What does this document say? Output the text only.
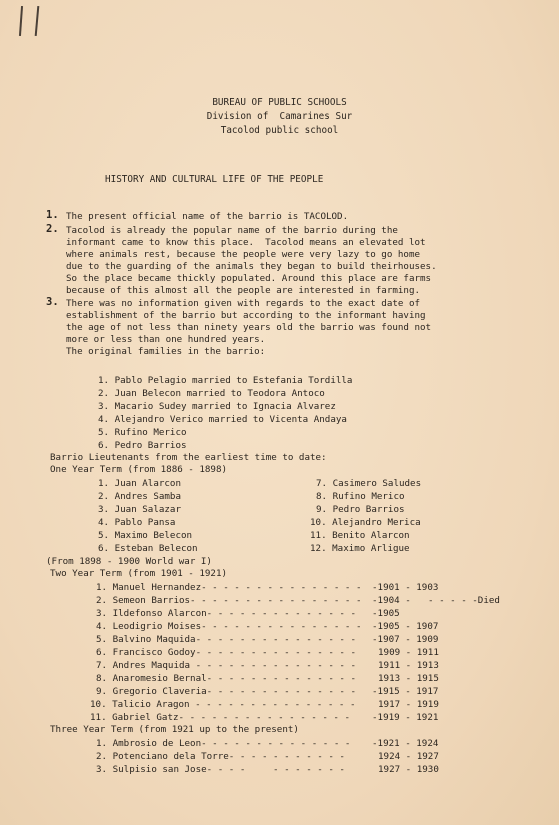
BUREAU OF PUBLIC SCHOOLS
Division of  Camarines Sur
Tacolod public school
HISTORY AND CULTURAL LIFE OF THE PEOPLE
1. The present official name of the barrio is TACOLOD.
2. Tacolod is already the popular name of the barrio during the
informant came to know this place.  Tacolod means an elevated lot
where animals rest, because the people were very lazy to go home
due to the guarding of the animals they began to build theirhouses.
So the place became thickly populated. Around this place are farms
because of this almost all the people are interested in farming.
3. There was no information given with regards to the exact date of
establishment of the barrio but according to the informant having
the age of not less than ninety years old the barrio was found not
more or less than one hundred years.
The original families in the barrio:
1. Pablo Pelagio married to Estefania Tordilla
2. Juan Belecon married to Teodora Antoco
3. Macario Sudey married to Ignacia Alvarez
4. Alejandro Verico married to Vicenta Andaya
5. Rufino Merico
6. Pedro Barrios
Barrio Lieutenants from the earliest time to date:
One Year Term (from 1886 - 1898)
1. Juan Alarcon
2. Andres Samba
3. Juan Salazar
4. Pablo Pansa
5. Maximo Belecon
6. Esteban Belecon
7. Casimero Saludes
8. Rufino Merico
9. Pedro Barrios
10. Alejandro Merica
11. Benito Alarcon
12. Maximo Arligue
(From 1898 - 1900 World war I)
Two Year Term (from 1901 - 1921)
1. Manuel Hernandez- - - - - - - - - - - - - - - -1901 - 1903
2. Semeon Barrios- - - - - - - - - - - - - - - - -1904 - - - - - -Died
3. Ildefonso Alarcon- - - - - - - - - - - - - - -1905
4. Leodigrio Moises- - - - - - - - - - - - - - - -1905 - 1907
5. Balvino Maquida- - - - - - - - - - - - - - - -1907 - 1909
6. Francisco Godoy- - - - - - - - - - - - - - - 1909 - 1911
7. Andres Maquida - - - - - - - - - - - - - - - 1911 - 1913
8. Anaromesio Bernal- - - - - - - - - - - - - - 1913 - 1915
9. Gregorio Claveria- - - - - - - - - - - - - - -1915 - 1917
10. Talicio Aragon - - - - - - - - - - - - - - - 1917 - 1919
11. Gabriel Gatz- - - - - - - - - - - - - - - - -1919 - 1921
Three Year Term (from 1921 up to the present)
1. Ambrosio de Leon- - - - - - - - - - - - - - -1921 - 1924
2. Potenciano dela Torre- - - - - - - - - - -	1924 - 1927
3. Sulpisio san Jose- - - -     - - - - - - -	1927 - 1930
